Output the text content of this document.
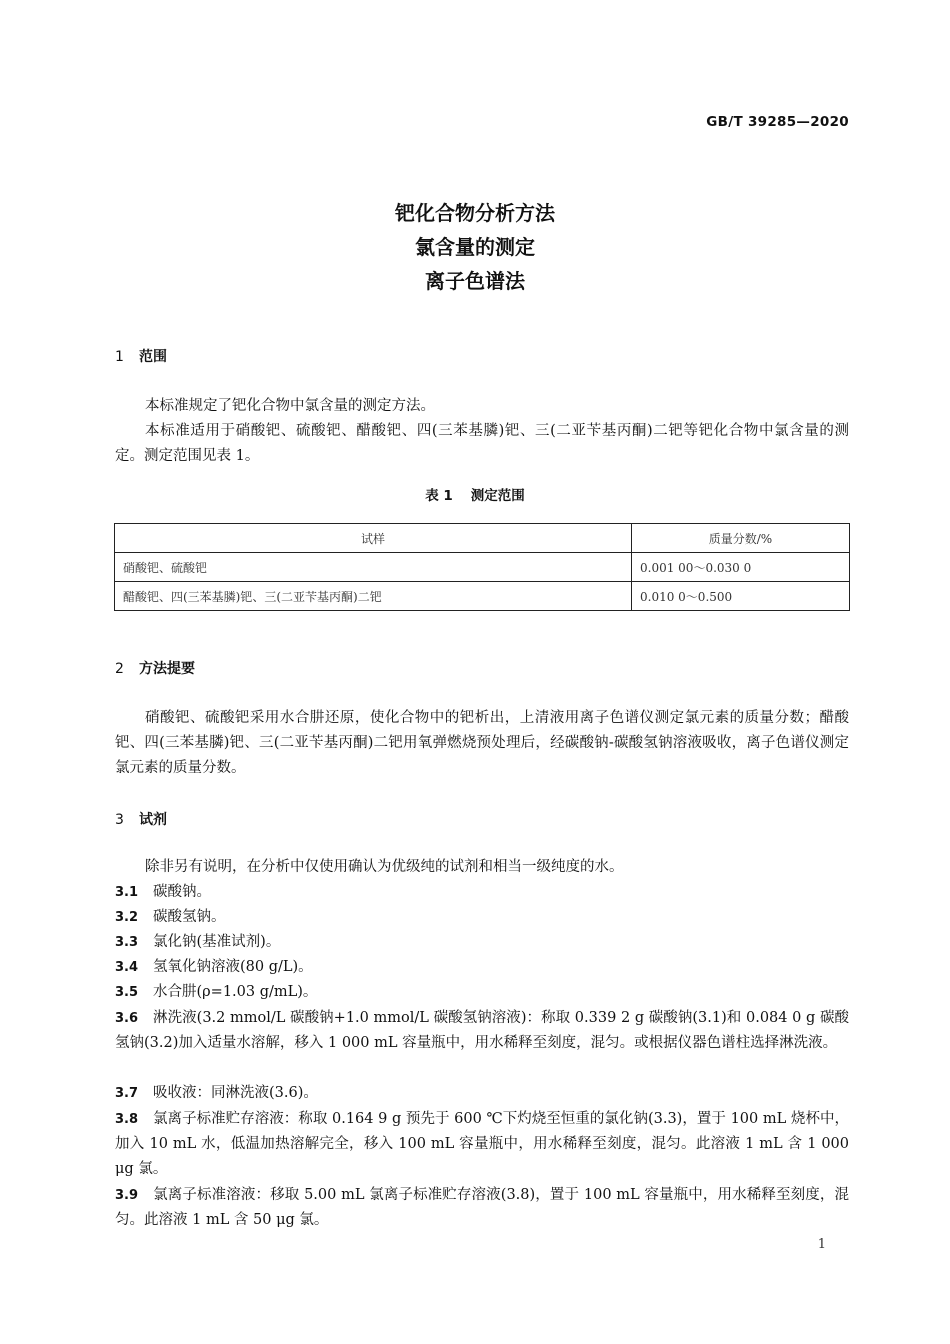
GB/T 39285—2020
钯化合物分析方法
氯含量的测定
离子色谱法
1 范围
本标准规定了钯化合物中氯含量的测定方法。
本标准适用于硝酸钯、硫酸钯、醋酸钯、四(三苯基膦)钯、三(二亚苄基丙酮)二钯等钯化合物中氯含量的测定。测定范围见表 1。
表 1 测定范围
试样	质量分数/%
硝酸钯、硫酸钯	0.001 00～0.030 0
醋酸钯、四(三苯基膦)钯、三(二亚苄基丙酮)二钯	0.010 0～0.500
2 方法提要
硝酸钯、硫酸钯采用水合肼还原，使化合物中的钯析出，上清液用离子色谱仪测定氯元素的质量分数；醋酸钯、四(三苯基膦)钯、三(二亚苄基丙酮)二钯用氧弹燃烧预处理后，经碳酸钠-碳酸氢钠溶液吸收，离子色谱仪测定氯元素的质量分数。
3 试剂
除非另有说明，在分析中仅使用确认为优级纯的试剂和相当一级纯度的水。
3.1 碳酸钠。
3.2 碳酸氢钠。
3.3 氯化钠(基准试剂)。
3.4 氢氧化钠溶液(80 g/L)。
3.5 水合肼(ρ=1.03 g/mL)。
3.6 淋洗液(3.2 mmol/L 碳酸钠+1.0 mmol/L 碳酸氢钠溶液)：称取 0.339 2 g 碳酸钠(3.1)和 0.084 0 g 碳酸氢钠(3.2)加入适量水溶解，移入 1 000 mL 容量瓶中，用水稀释至刻度，混匀。或根据仪器色谱柱选择淋洗液。
3.7 吸收液：同淋洗液(3.6)。
3.8 氯离子标准贮存溶液：称取 0.164 9 g 预先于 600 ℃下灼烧至恒重的氯化钠(3.3)，置于 100 mL 烧杯中，加入 10 mL 水，低温加热溶解完全，移入 100 mL 容量瓶中，用水稀释至刻度，混匀。此溶液 1 mL 含 1 000 μg 氯。
3.9 氯离子标准溶液：移取 5.00 mL 氯离子标准贮存溶液(3.8)，置于 100 mL 容量瓶中，用水稀释至刻度，混匀。此溶液 1 mL 含 50 μg 氯。
1
